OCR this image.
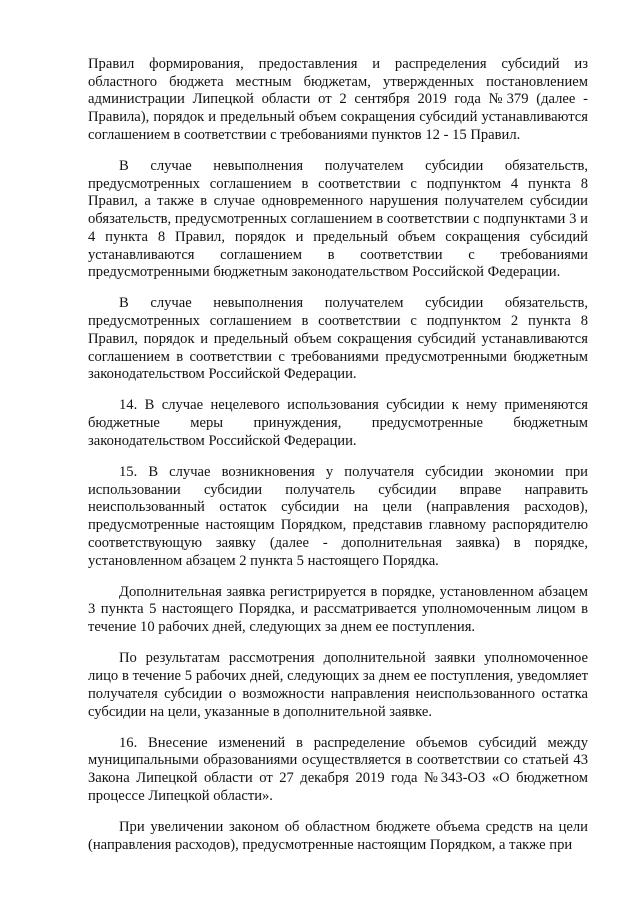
Правил формирования, предоставления и распределения субсидий из областного бюджета местным бюджетам, утвержденных постановлением администрации Липецкой области от 2 сентября 2019 года №379 (далее - Правила), порядок и предельный объем сокращения субсидий устанавливаются соглашением в соответствии с требованиями пунктов 12 - 15 Правил.

В случае невыполнения получателем субсидии обязательств, предусмотренных соглашением в соответствии с подпунктом 4 пункта 8 Правил, а также в случае одновременного нарушения получателем субсидии обязательств, предусмотренных соглашением в соответствии с подпунктами 3 и 4 пункта 8 Правил, порядок и предельный объем сокращения субсидий устанавливаются соглашением в соответствии с требованиями предусмотренными бюджетным законодательством Российской Федерации.

В случае невыполнения получателем субсидии обязательств, предусмотренных соглашением в соответствии с подпунктом 2 пункта 8 Правил, порядок и предельный объем сокращения субсидий устанавливаются соглашением в соответствии с требованиями предусмотренными бюджетным законодательством Российской Федерации.

14. В случае нецелевого использования субсидии к нему применяются бюджетные меры принуждения, предусмотренные бюджетным законодательством Российской Федерации.

15. В случае возникновения у получателя субсидии экономии при использовании субсидии получатель субсидии вправе направить неиспользованный остаток субсидии на цели (направления расходов), предусмотренные настоящим Порядком, представив главному распорядителю соответствующую заявку (далее - дополнительная заявка) в порядке, установленном абзацем 2 пункта 5 настоящего Порядка.

Дополнительная заявка регистрируется в порядке, установленном абзацем 3 пункта 5 настоящего Порядка, и рассматривается уполномоченным лицом в течение 10 рабочих дней, следующих за днем ее поступления.

По результатам рассмотрения дополнительной заявки уполномоченное лицо в течение 5 рабочих дней, следующих за днем ее поступления, уведомляет получателя субсидии о возможности направления неиспользованного остатка субсидии на цели, указанные в дополнительной заявке.

16. Внесение изменений в распределение объемов субсидий между муниципальными образованиями осуществляется в соответствии со статьей 43 Закона Липецкой области от 27 декабря 2019 года №343-ОЗ «О бюджетном процессе Липецкой области».

При увеличении законом об областном бюджете объема средств на цели (направления расходов), предусмотренные настоящим Порядком, а также при
